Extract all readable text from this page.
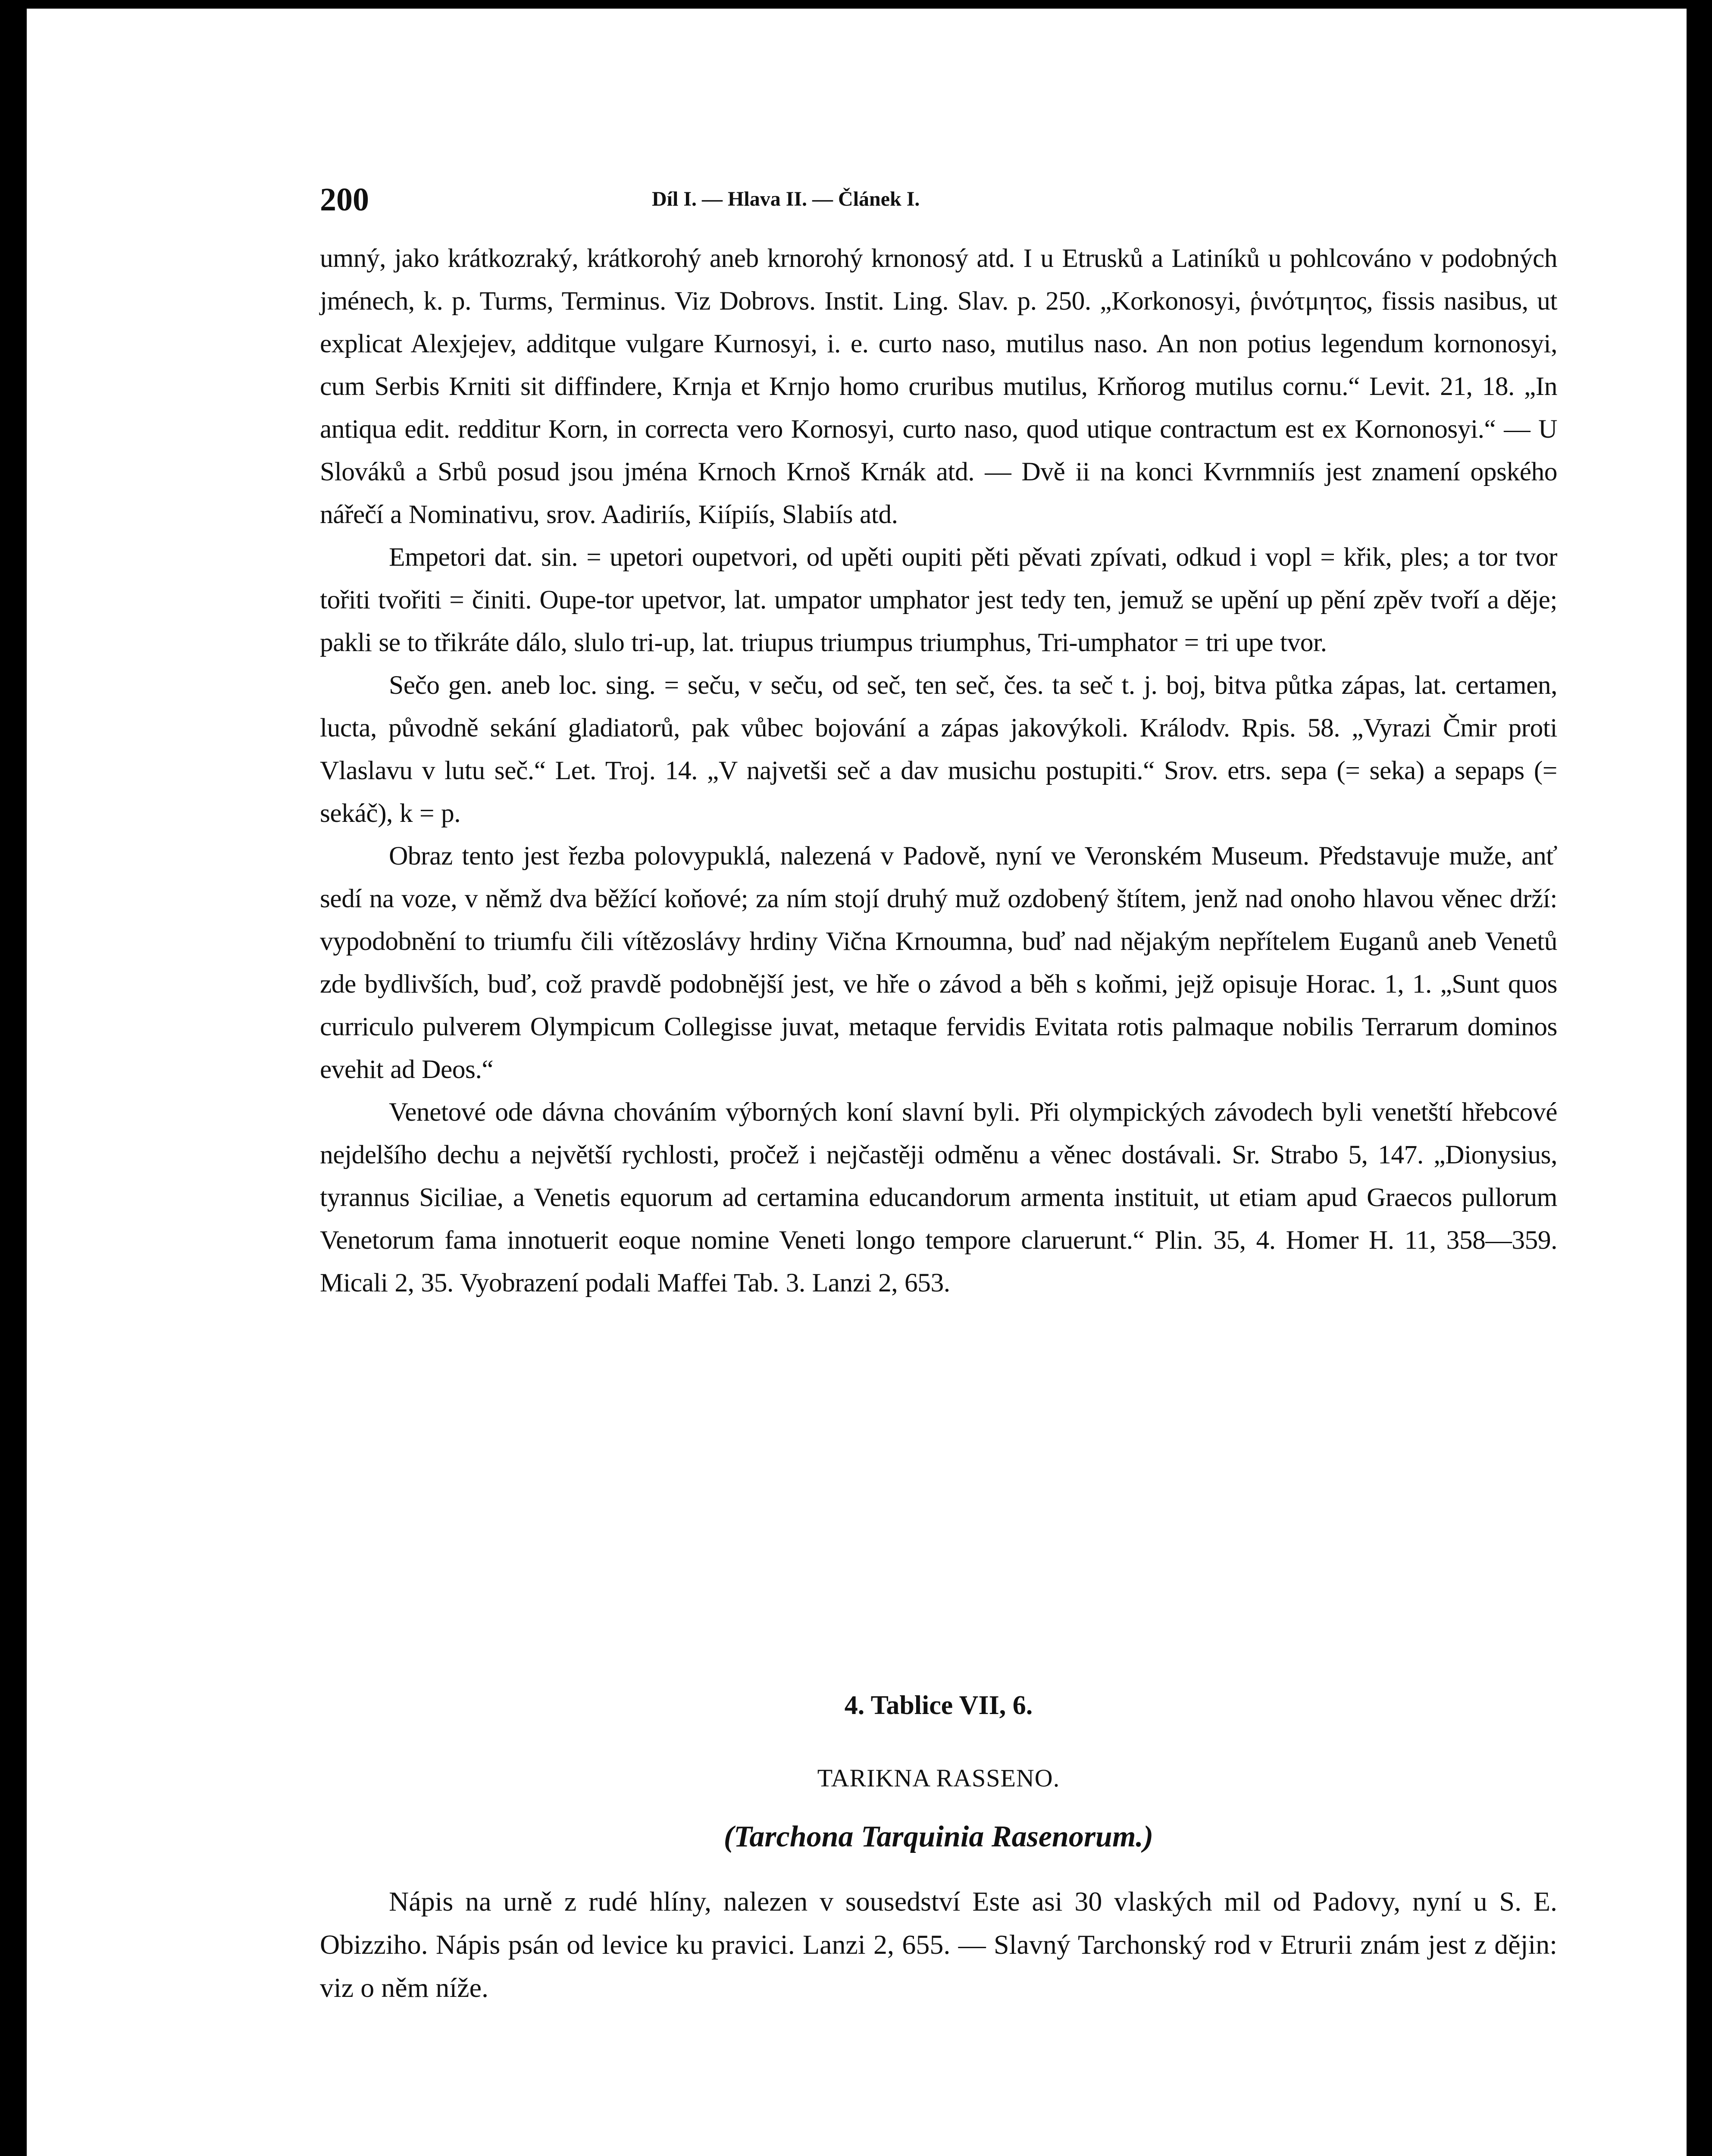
200	Díl I. — Hlava II. — Článek I.

umný, jako krátkozraký, krátkorohý aneb krnorohý krnonosý atd. I u Etrusků a Latiníků u pohlcováno v podobných jménech, k. p. Turms, Terminus. Viz Dobrovs. Instit. Ling. Slav. p. 250. „Korkonosyi, ῥινότμητος, fissis nasibus, ut explicat Alexjejev, additque vulgare Kurnosyi, i. e. curto naso, mutilus naso. An non potius legendum kornonosyi, cum Serbis Krniti sit diffindere, Krnja et Krnjo homo cruribus mutilus, Krňorog mutilus cornu.“ Levit. 21, 18. „In antiqua edit. redditur Korn, in correcta vero Kornosyi, curto naso, quod utique contractum est ex Kornonosyi.“ — U Slováků a Srbů posud jsou jména Krnoch Krnoš Krnák atd. — Dvě ii na konci Kvrnmniís jest znamení opského nářečí a Nominativu, srov. Aadiriís, Kiípiís, Slabiís atd.

Empetori dat. sin. = upetori oupetvori, od upěti oupiti pěti pěvati zpívati, odkud i vopl = křik, ples; a tor tvor tořiti tvořiti = činiti. Oupe-tor upetvor, lat. umpator umphator jest tedy ten, jemuž se upění up pění zpěv tvoří a děje; pakli se to třikráte dálo, slulo tri-up, lat. triupus triumpus triumphus, Tri-umphator = tri upe tvor.

Sečo gen. aneb loc. sing. = seču, v seču, od seč, ten seč, čes. ta seč t. j. boj, bitva půtka zápas, lat. certamen, lucta, původně sekání gladiatorů, pak vůbec bojování a zápas jakovýkoli. Králodv. Rpis. 58. „Vyrazi Čmir proti Vlaslavu v lutu seč.“ Let. Troj. 14. „V najvetši seč a dav musichu postupiti.“ Srov. etrs. sepa (= seka) a sepaps (= sekáč), k = p.

Obraz tento jest řezba polovypuklá, nalezená v Padově, nyní ve Veronském Museum. Představuje muže, anť sedí na voze, v němž dva běžící koňové; za ním stojí druhý muž ozdobený štítem, jenž nad onoho hlavou věnec drží: vypodobnění to triumfu čili vítězoslávy hrdiny Vična Krnoumna, buď nad nějakým nepřítelem Euganů aneb Venetů zde bydlivších, buď, což pravdě podobnější jest, ve hře o závod a běh s koňmi, jejž opisuje Horac. 1, 1. „Sunt quos curriculo pulverem Olympicum Collegisse juvat, metaque fervidis Evitata rotis palmaque nobilis Terrarum dominos evehit ad Deos.“

Venetové ode dávna chováním výborných koní slavní byli. Při olympických závodech byli venetští hřebcové nejdelšího dechu a největší rychlosti, pročež i nejčastěji odměnu a věnec dostávali. Sr. Strabo 5, 147. „Dionysius, tyrannus Siciliae, a Venetis equorum ad certamina educandorum armenta instituit, ut etiam apud Graecos pullorum Venetorum fama innotuerit eoque nomine Veneti longo tempore claruerunt.“ Plin. 35, 4. Homer H. 11, 358—359. Micali 2, 35. Vyobrazení podali Maffei Tab. 3. Lanzi 2, 653.

4. Tablice VII, 6.
TARIKNA RASSENO.
(Tarchona Tarquinia Rasenorum.)

Nápis na urně z rudé hlíny, nalezen v sousedství Este asi 30 vlaských mil od Padovy, nyní u S. E. Obizziho. Nápis psán od levice ku pravici. Lanzi 2, 655. — Slavný Tarchonský rod v Etrurii znám jest z dějin: viz o něm níže.
